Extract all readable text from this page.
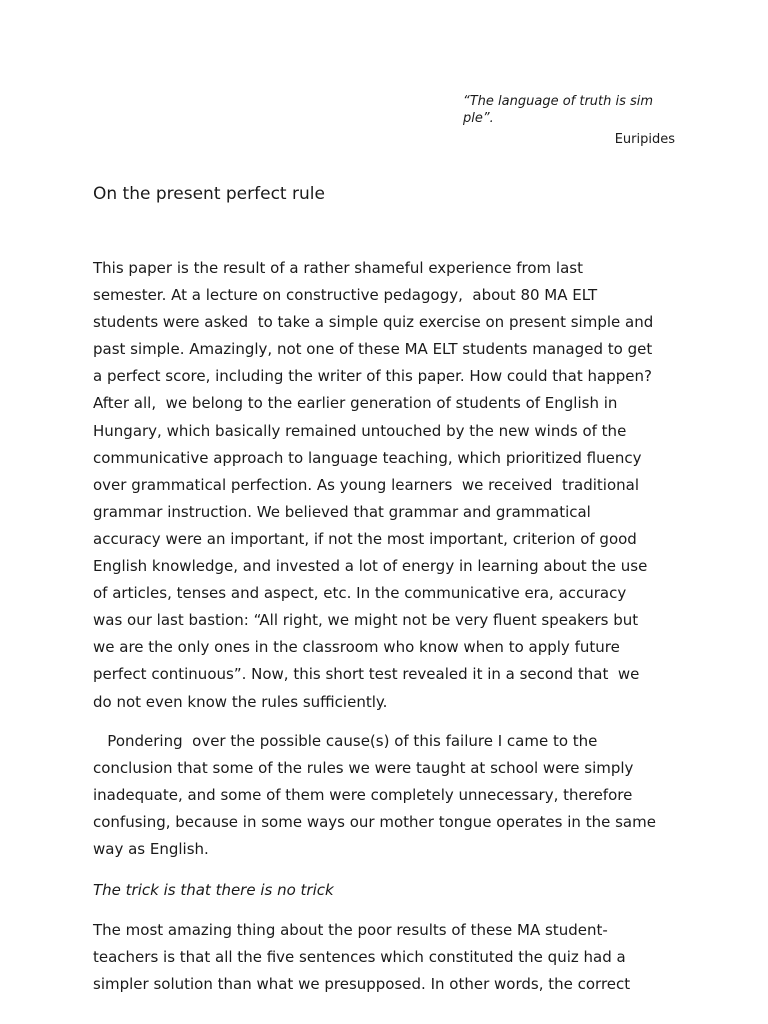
“The language of truth is sim
ple”.
Euripides
On the present perfect rule

This paper is the result of a rather shameful experience from last
semester. At a lecture on constructive pedagogy,  about 80 MA ELT
students were asked  to take a simple quiz exercise on present simple and
past simple. Amazingly, not one of these MA ELT students managed to get
a perfect score, including the writer of this paper. How could that happen?
After all,  we belong to the earlier generation of students of English in
Hungary, which basically remained untouched by the new winds of the
communicative approach to language teaching, which prioritized fluency
over grammatical perfection. As young learners  we received  traditional
grammar instruction. We believed that grammar and grammatical
accuracy were an important, if not the most important, criterion of good
English knowledge, and invested a lot of energy in learning about the use
of articles, tenses and aspect, etc. In the communicative era, accuracy
was our last bastion: “All right, we might not be very fluent speakers but
we are the only ones in the classroom who know when to apply future
perfect continuous”. Now, this short test revealed it in a second that  we
do not even know the rules sufficiently.

Pondering  over the possible cause(s) of this failure I came to the
conclusion that some of the rules we were taught at school were simply
inadequate, and some of them were completely unnecessary, therefore
confusing, because in some ways our mother tongue operates in the same
way as English.

The trick is that there is no trick

The most amazing thing about the poor results of these MA student-
teachers is that all the five sentences which constituted the quiz had a
simpler solution than what we presupposed. In other words, the correct
